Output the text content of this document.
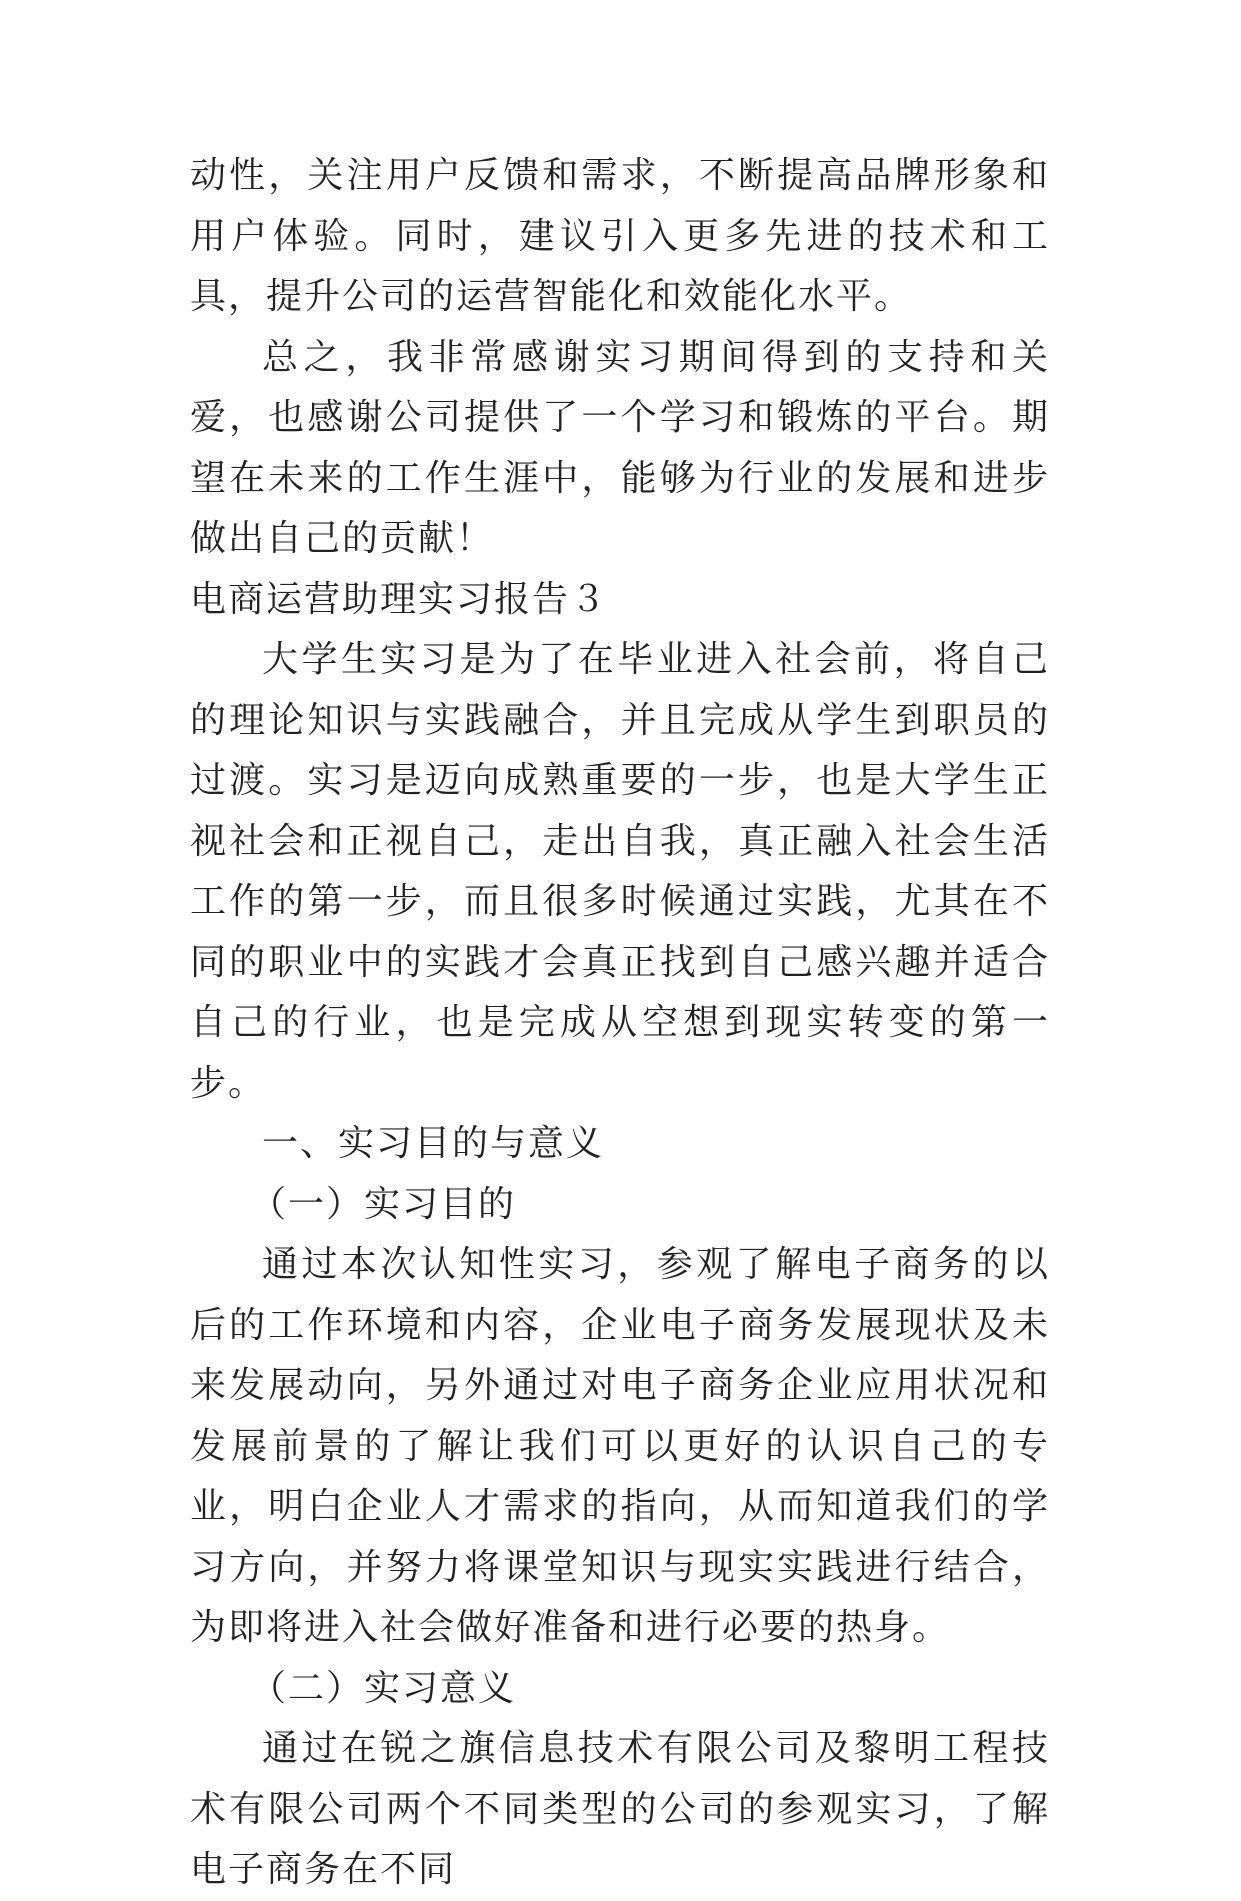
动性，关注用户反馈和需求，不断提高品牌形象和用户体验。同时，建议引入更多先进的技术和工具，提升公司的运营智能化和效能化水平。

总之，我非常感谢实习期间得到的支持和关爱，也感谢公司提供了一个学习和锻炼的平台。期望在未来的工作生涯中，能够为行业的发展和进步做出自己的贡献！

电商运营助理实习报告３

大学生实习是为了在毕业进入社会前，将自己的理论知识与实践融合，并且完成从学生到职员的过渡。实习是迈向成熟重要的一步，也是大学生正视社会和正视自己，走出自我，真正融入社会生活工作的第一步，而且很多时候通过实践，尤其在不同的职业中的实践才会真正找到自己感兴趣并适合自己的行业，也是完成从空想到现实转变的第一步。

一、实习目的与意义

（一）实习目的

通过本次认知性实习，参观了解电子商务的以后的工作环境和内容，企业电子商务发展现状及未来发展动向，另外通过对电子商务企业应用状况和发展前景的了解让我们可以更好的认识自己的专业，明白企业人才需求的指向，从而知道我们的学习方向，并努力将课堂知识与现实实践进行结合，为即将进入社会做好准备和进行必要的热身。

（二）实习意义

通过在锐之旗信息技术有限公司及黎明工程技术有限公司两个不同类型的公司的参观实习，了解电子商务在不同
